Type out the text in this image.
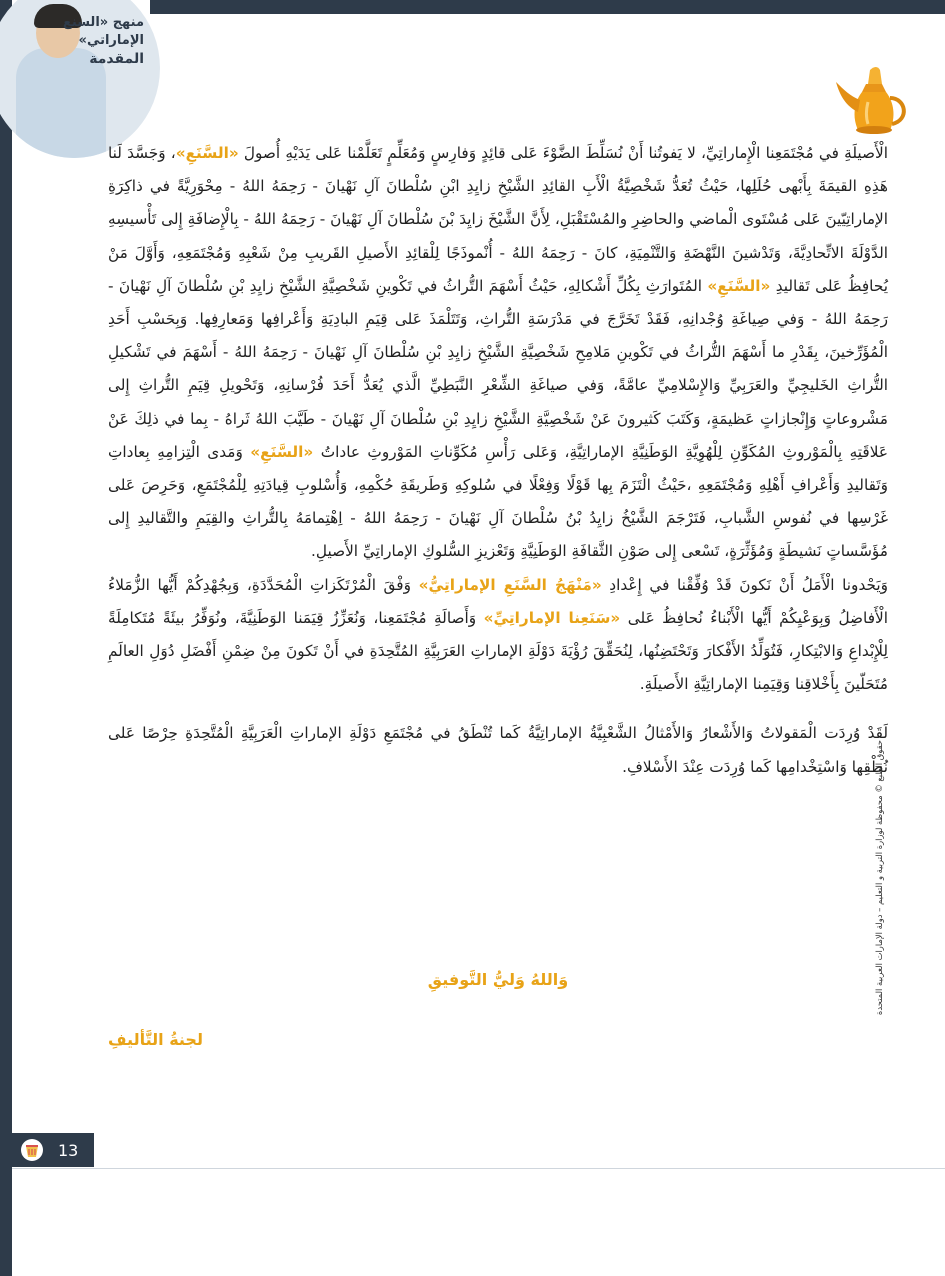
منهج «السنع الإماراتي»
المقدمة

الْأَصيلَةِ في مُجْتَمَعِنا الْإِماراتِيِّ، لا يَفوتُنا أَنْ نُسَلِّطَ الضَّوْءَ عَلى قائِدٍ وَفارِسٍ وَمُعَلِّمٍ تَعَلَّمْنا عَلى يَدَيْهِ أُصولَ «السَّنَعِ»، وَجَسَّدَ لَنا هَذِهِ القيمَةَ بِأَبْهى حُلَلِها، حَيْثُ تُعَدُّ شَخْصِيَّةُ الْأَبِ القائِدِ الشَّيْخِ زايِدِ ابْنِ سُلْطانَ آلِ نَهْيانَ - رَحِمَهُ اللهُ - مِحْوَرِيَّةً في ذاكِرَةِ الإماراتِيّينَ عَلى مُسْتَوى الْماضي والحاضِرِ والمُسْتَقْبَلِ، لِأَنَّ الشَّيْخَ زايِدَ بْنَ سُلْطانَ آلِ نَهْيانَ - رَحِمَهُ اللهُ - بِالْإِضافَةِ إِلى تَأْسيسِهِ الدَّوْلَةَ الاتِّحادِيَّةَ، وَتَدْشينَ النَّهْضَةِ وَالتَّنْمِيَةِ، كانَ - رَحِمَهُ اللهُ - أُنْموذَجًا لِلْقائِدِ الأَصيلِ القَريبِ مِنْ شَعْبِهِ وَمُجْتَمَعِهِ، وَأَوَّلَ مَنْ يُحافِظُ عَلى تَقاليدِ «السَّنَعِ» المُتَوارَثِ بِكُلِّ أَشْكالِهِ، حَيْثُ أَسْهَمَ التُّراثُ في تَكْوينِ شَخْصِيَّةِ الشَّيْخِ زايِدِ بْنِ سُلْطانَ آلِ نَهْيانَ - رَحِمَهُ اللهُ - وَفي صِياغَةِ وُجْدانِهِ، فَقَدْ تَخَرَّجَ في مَدْرَسَةِ التُّراثِ، وَتَتَلْمَذَ عَلى قِيَمِ البادِيَةِ وَأَعْرافِها وَمَعارِفِها. وَبِحَسْبِ أَحَدِ الْمُؤَرِّخينَ، بِقَدْرِ ما أَسْهَمَ التُّراثُ في تَكْوينِ مَلامِحِ شَخْصِيَّةِ الشَّيْخِ زايِدِ بْنِ سُلْطانَ آلِ نَهْيانَ - رَحِمَهُ اللهُ - أَسْهَمَ في تَشْكيلِ التُّراثِ الخَليجِيِّ والعَرَبِيِّ وَالإِسْلامِيِّ عامَّةً، وَفي صياغَةِ الشِّعْرِ النَّبَطِيِّ الَّذي يُعَدُّ أَحَدَ فُرْسانِهِ، وَتَحْويلِ قِيَمِ التُّراثِ إِلى مَشْروعاتٍ وَإِنْجازاتٍ عَظيمَةٍ، وَكَتَبَ كَثيرونَ عَنْ شَخْصِيَّةِ الشَّيْخِ زايِدِ بْنِ سُلْطانَ آلِ نَهْيانَ - طَيَّبَ اللهُ ثَراهُ - بِما في ذلِكَ عَنْ عَلاقَتِهِ بِالْمَوْروثِ المُكَوِّنِ لِلْهُوِيَّةِ الوَطَنِيَّةِ الإماراتِيَّةِ، وَعَلى رَأْسِ مُكَوِّناتِ المَوْروثِ عاداتُ «السَّنَعِ» وَمَدى الْتِزامِهِ بِعاداتِ وَتَقاليدِ وَأَعْرافِ أَهْلِهِ وَمُجْتَمَعِهِ ،حَيْثُ الْتَزَمَ بِها قَوْلًا وَفِعْلًا في سُلوكِهِ وَطَريقَةِ حُكْمِهِ، وَأُسْلوبِ قِيادَتِهِ لِلْمُجْتَمَعِ، وَحَرِصَ عَلى غَرْسِها في نُفوسِ الشَّبابِ، فَتَرْجَمَ الشَّيْخُ زايِدُ بْنُ سُلْطانَ آلِ نَهْيانَ - رَحِمَهُ اللهُ - اِهْتِمامَهُ بِالتُّراثِ والقِيَمِ والتَّقاليدِ إِلى مُؤَسَّساتٍ نَشيطَةٍ وَمُؤَثِّرَةٍ، تَسْعى إِلى صَوْنِ الثَّقافَةِ الوَطَنِيَّةِ وَتَعْزيزِ السُّلوكِ الإماراتِيِّ الأَصيلِ.

وَيَحْدونا الْأَمَلُ أَنْ نَكونَ قَدْ وُفِّقْنا في إِعْدادِ «مَنْهَجُ السَّنَعِ الإماراتِيُّ» وَفْقَ الْمُرْتَكَزاتِ الْمُحَدَّدَةِ، وَبِجُهْدِكُمْ أَيُّها الزُّمَلاءُ الْأَفاضِلُ وَبِوَعْيِكُمْ أَيُّها الْأَبْناءُ نُحافِظُ عَلى «سَنَعِنا الإماراتِيِّ» وَأَصالَةِ مُجْتَمَعِنا، وَنُعَزِّزُ قِيَمَنا الوَطَنِيَّةَ، ونُوَفِّرُ بيئَةً مُتَكامِلَةً لِلْإِبْداعِ وَالابْتِكارِ، فَتُوَلِّدُ الأَفْكارَ وَتَحْتَضِنُها، لِنُحَقِّقَ رُؤْيَةَ دَوْلَةِ الإماراتِ العَرَبِيَّةِ المُتَّحِدَةِ في أَنْ تَكونَ مِنْ ضِمْنِ أَفْضَلِ دُوَلِ العالَمِ مُتَحَلّينَ بِأَخْلاقِنا وَقِيَمِنا الإماراتِيَّةِ الأَصيلَةِ.

لَقَدْ وُرِدَت الْمَقولاتُ وَالأَشْعارُ وَالأَمْثالُ الشَّعْبِيَّةُ الإماراتِيَّةُ كَما تُنْطَقُ في مُجْتَمَعِ دَوْلَةِ الإماراتِ الْعَرَبِيَّةِ الْمُتَّحِدَةِ حِرْصًا عَلى نُطْقِها وَاسْتِخْدامِها كَما وُرِدَت عِنْدَ الأَسْلافِ.

وَاللهُ وَليُّ التَّوفيقِ
لجنةُ التَّأليفِ
حقوق الطبع © محفوظة لوزارة التربية و التعليم – دولة الإمارات العربية المتحدة
13
